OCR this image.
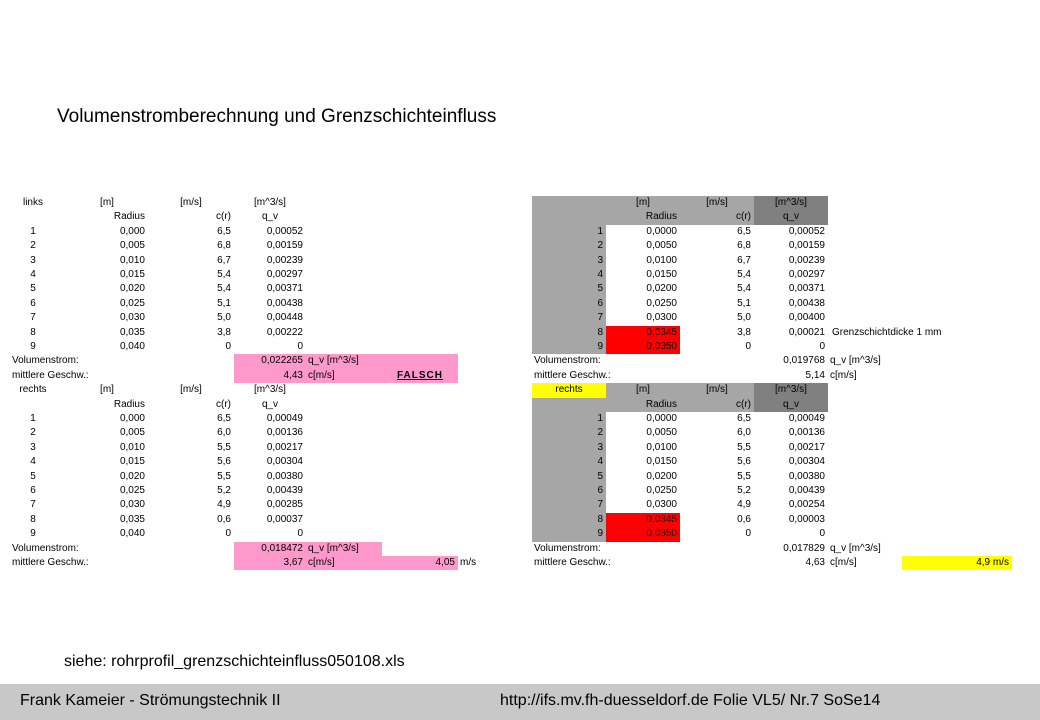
Volumenstromberechnung und Grenzschichteinfluss
links	[m]	[m/s]	[m^3/s]
Radius	c(r)	q_v
1	0,000	6,5	0,00052
2	0,005	6,8	0,00159
3	0,010	6,7	0,00239
4	0,015	5,4	0,00297
5	0,020	5,4	0,00371
6	0,025	5,1	0,00438
7	0,030	5,0	0,00448
8	0,035	3,8	0,00222
9	0,040	0	0
Volumenstrom:	0,022265 q_v [m^3/s]
mittlere Geschw.:	4,43 c[m/s]	FALSCH
rechts	[m]	[m/s]	[m^3/s]
Radius	c(r)	q_v
1	0,000	6,5	0,00049
2	0,005	6,0	0,00136
3	0,010	5,5	0,00217
4	0,015	5,6	0,00304
5	0,020	5,5	0,00380
6	0,025	5,2	0,00439
7	0,030	4,9	0,00285
8	0,035	0,6	0,00037
9	0,040	0	0
Volumenstrom:	0,018472 q_v [m^3/s]
mittlere Geschw.:	3,67 c[m/s]	4,05 m/s
[m]	[m/s]	[m^3/s]
Radius	c(r)	q_v
1	0,0000	6,5	0,00052
2	0,0050	6,8	0,00159
3	0,0100	6,7	0,00239
4	0,0150	5,4	0,00297
5	0,0200	5,4	0,00371
6	0,0250	5,1	0,00438
7	0,0300	5,0	0,00400
8	0,0345	3,8	0,00021 Grenzschichtdicke 1 mm
9	0,0350	0	0
Volumenstrom:	0,019768 q_v [m^3/s]
mittlere Geschw.:	5,14 c[m/s]
rechts	[m]	[m/s]	[m^3/s]
Radius	c(r)	q_v
1	0,0000	6,5	0,00049
2	0,0050	6,0	0,00136
3	0,0100	5,5	0,00217
4	0,0150	5,6	0,00304
5	0,0200	5,5	0,00380
6	0,0250	5,2	0,00439
7	0,0300	4,9	0,00254
8	0,0345	0,6	0,00003
9	0,0350	0	0
Volumenstrom:	0,017829 q_v [m^3/s]
mittlere Geschw.:	4,63 c[m/s]	4,9 m/s
siehe: rohrprofil_grenzschichteinfluss050108.xls
Frank Kameier - Strömungstechnik II	http://ifs.mv.fh-duesseldorf.de Folie VL5/ Nr.7 SoSe14
